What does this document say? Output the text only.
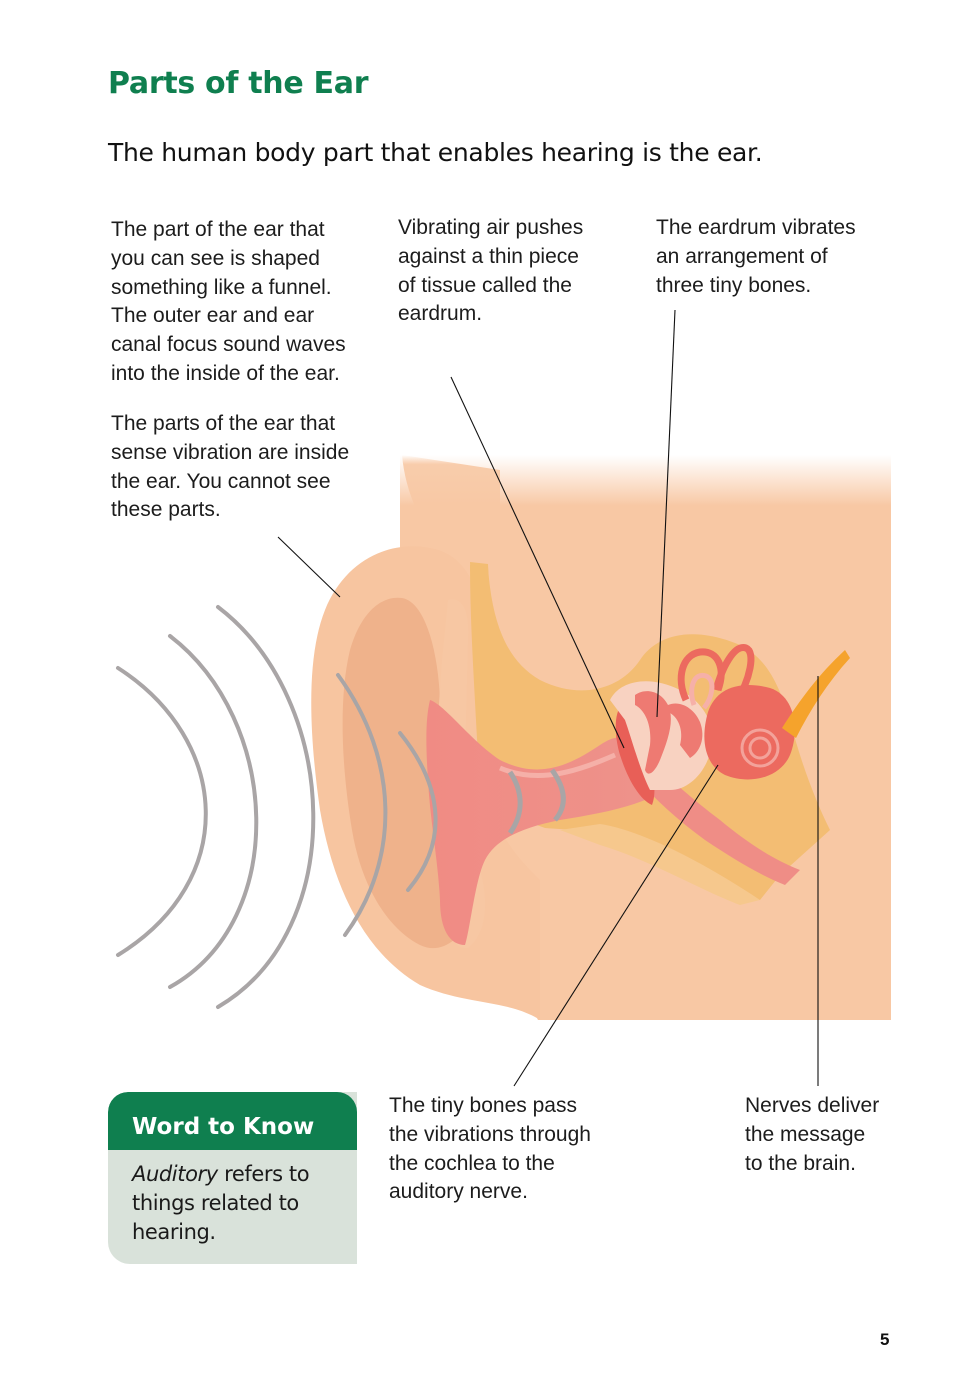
Parts of the Ear
The human body part that enables hearing is the ear.
The part of the ear that
you can see is shaped
something like a funnel.
The outer ear and ear
canal focus sound waves
into the inside of the ear.
The parts of the ear that
sense vibration are inside
the ear. You cannot see
these parts.
Vibrating air pushes
against a thin piece
of tissue called the
eardrum.
The eardrum vibrates
an arrangement of
three tiny bones.
The tiny bones pass
the vibrations through
the cochlea to the
auditory nerve.
Nerves deliver
the message
to the brain.
Word to Know
Auditory refers to things related to hearing.
5
